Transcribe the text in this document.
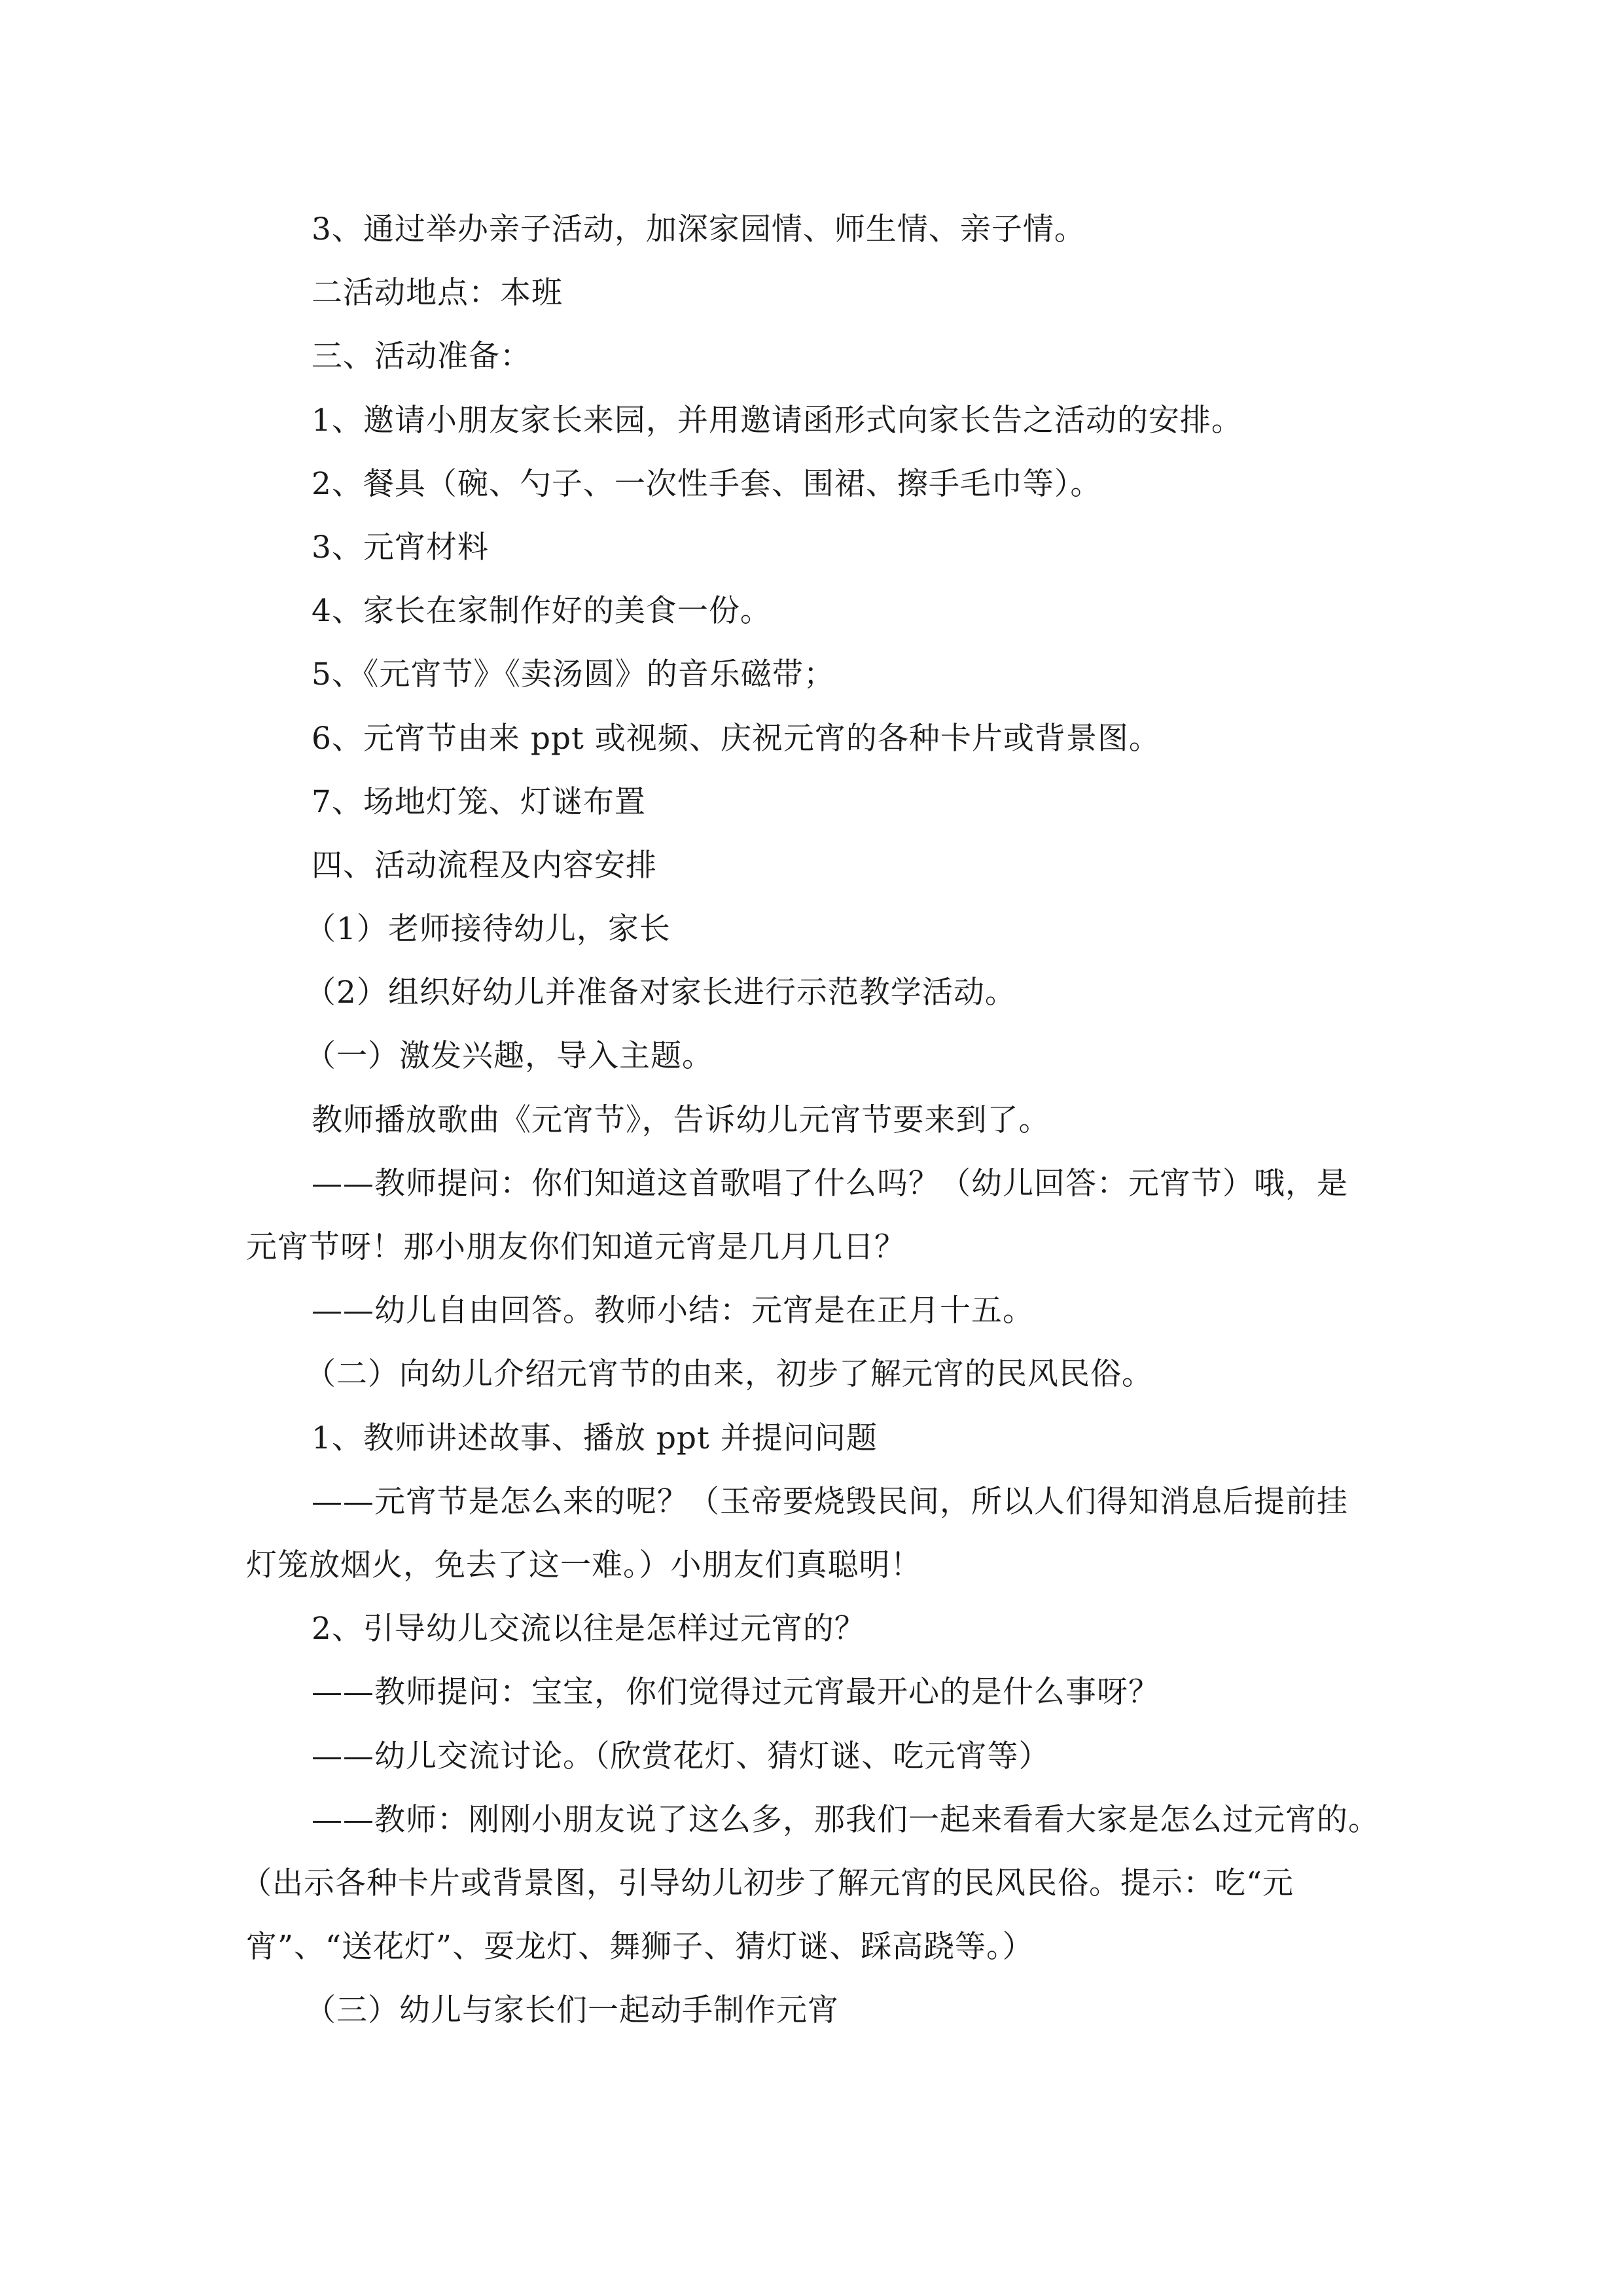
3、通过举办亲子活动，加深家园情、师生情、亲子情。
二活动地点：本班
三、活动准备：
1、邀请小朋友家长来园，并用邀请函形式向家长告之活动的安排。
2、餐具（碗、勺子、一次性手套、围裙、擦手毛巾等）。
3、元宵材料
4、家长在家制作好的美食一份。
5、《元宵节》《卖汤圆》的音乐磁带；
6、元宵节由来 ppt 或视频、庆祝元宵的各种卡片或背景图。
7、场地灯笼、灯谜布置
四、活动流程及内容安排
（1）老师接待幼儿，家长
（2）组织好幼儿并准备对家长进行示范教学活动。
（一）激发兴趣，导入主题。
教师播放歌曲《元宵节》，告诉幼儿元宵节要来到了。
——教师提问：你们知道这首歌唱了什么吗？（幼儿回答：元宵节）哦，是
元宵节呀！那小朋友你们知道元宵是几月几日？
——幼儿自由回答。教师小结：元宵是在正月十五。
（二）向幼儿介绍元宵节的由来，初步了解元宵的民风民俗。
1、教师讲述故事、播放 ppt 并提问问题
——元宵节是怎么来的呢？（玉帝要烧毁民间，所以人们得知消息后提前挂
灯笼放烟火，免去了这一难。）小朋友们真聪明！
2、引导幼儿交流以往是怎样过元宵的？
——教师提问：宝宝，你们觉得过元宵最开心的是什么事呀？
——幼儿交流讨论。（欣赏花灯、猜灯谜、吃元宵等）
——教师：刚刚小朋友说了这么多，那我们一起来看看大家是怎么过元宵的。
（出示各种卡片或背景图，引导幼儿初步了解元宵的民风民俗。提示：吃“元
宵”、“送花灯”、耍龙灯、舞狮子、猜灯谜、踩高跷等。）
（三）幼儿与家长们一起动手制作元宵
